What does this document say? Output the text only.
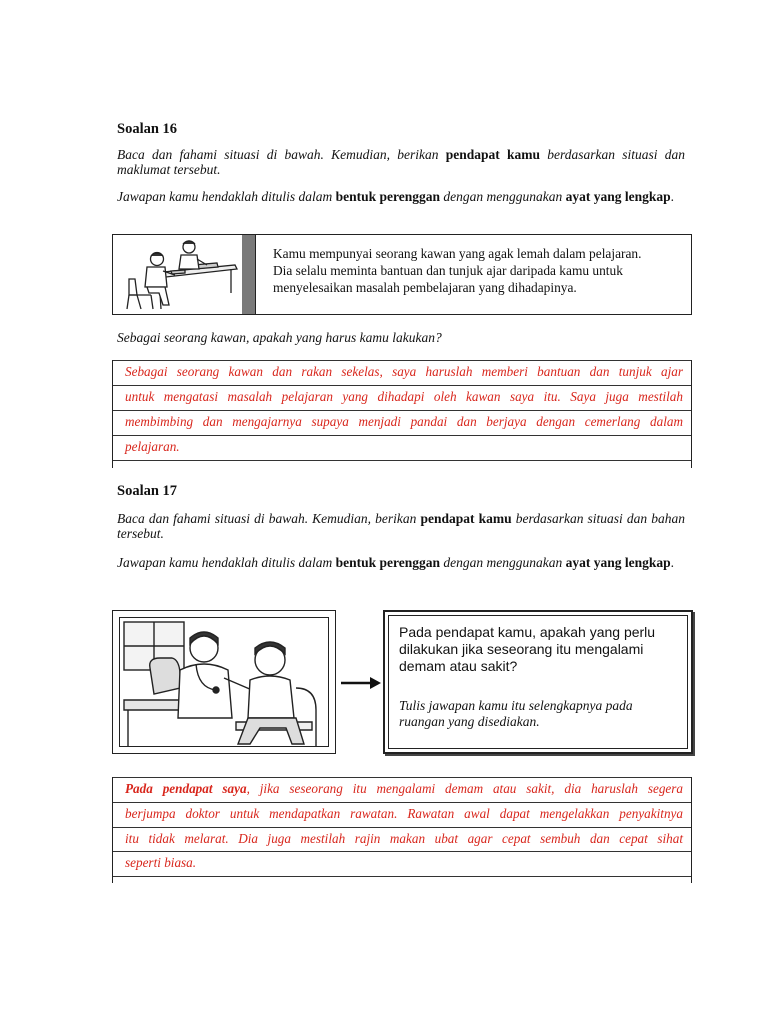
Soalan 16
Baca dan fahami situasi di bawah. Kemudian, berikan pendapat kamu berdasarkan situasi dan maklumat tersebut.
Jawapan kamu hendaklah ditulis dalam bentuk perenggan dengan menggunakan ayat yang lengkap.
Kamu mempunyai seorang kawan yang agak lemah dalam pelajaran.
Dia selalu meminta bantuan dan tunjuk ajar daripada kamu untuk
menyelesaikan masalah pembelajaran yang dihadapinya.
Sebagai seorang kawan, apakah yang harus kamu lakukan?
Sebagai seorang kawan dan rakan sekelas, saya haruslah memberi bantuan dan tunjuk ajar
untuk mengatasi masalah pelajaran yang dihadapi oleh kawan saya itu. Saya juga mestilah
membimbing dan mengajarnya supaya menjadi pandai dan berjaya dengan cemerlang dalam
pelajaran.
Soalan 17
Baca dan fahami situasi di bawah. Kemudian, berikan pendapat kamu berdasarkan situasi dan bahan tersebut.
Jawapan kamu hendaklah ditulis dalam bentuk perenggan dengan menggunakan ayat yang lengkap.
Pada pendapat kamu, apakah yang perlu
dilakukan jika seseorang itu mengalami
demam atau sakit?
Tulis jawapan kamu itu selengkapnya pada
ruangan yang disediakan.
Pada pendapat saya, jika seseorang itu mengalami demam atau sakit, dia haruslah segera
berjumpa doktor untuk mendapatkan rawatan. Rawatan awal dapat mengelakkan penyakitnya
itu tidak melarat. Dia juga mestilah rajin makan ubat agar cepat sembuh dan cepat sihat
seperti biasa.
